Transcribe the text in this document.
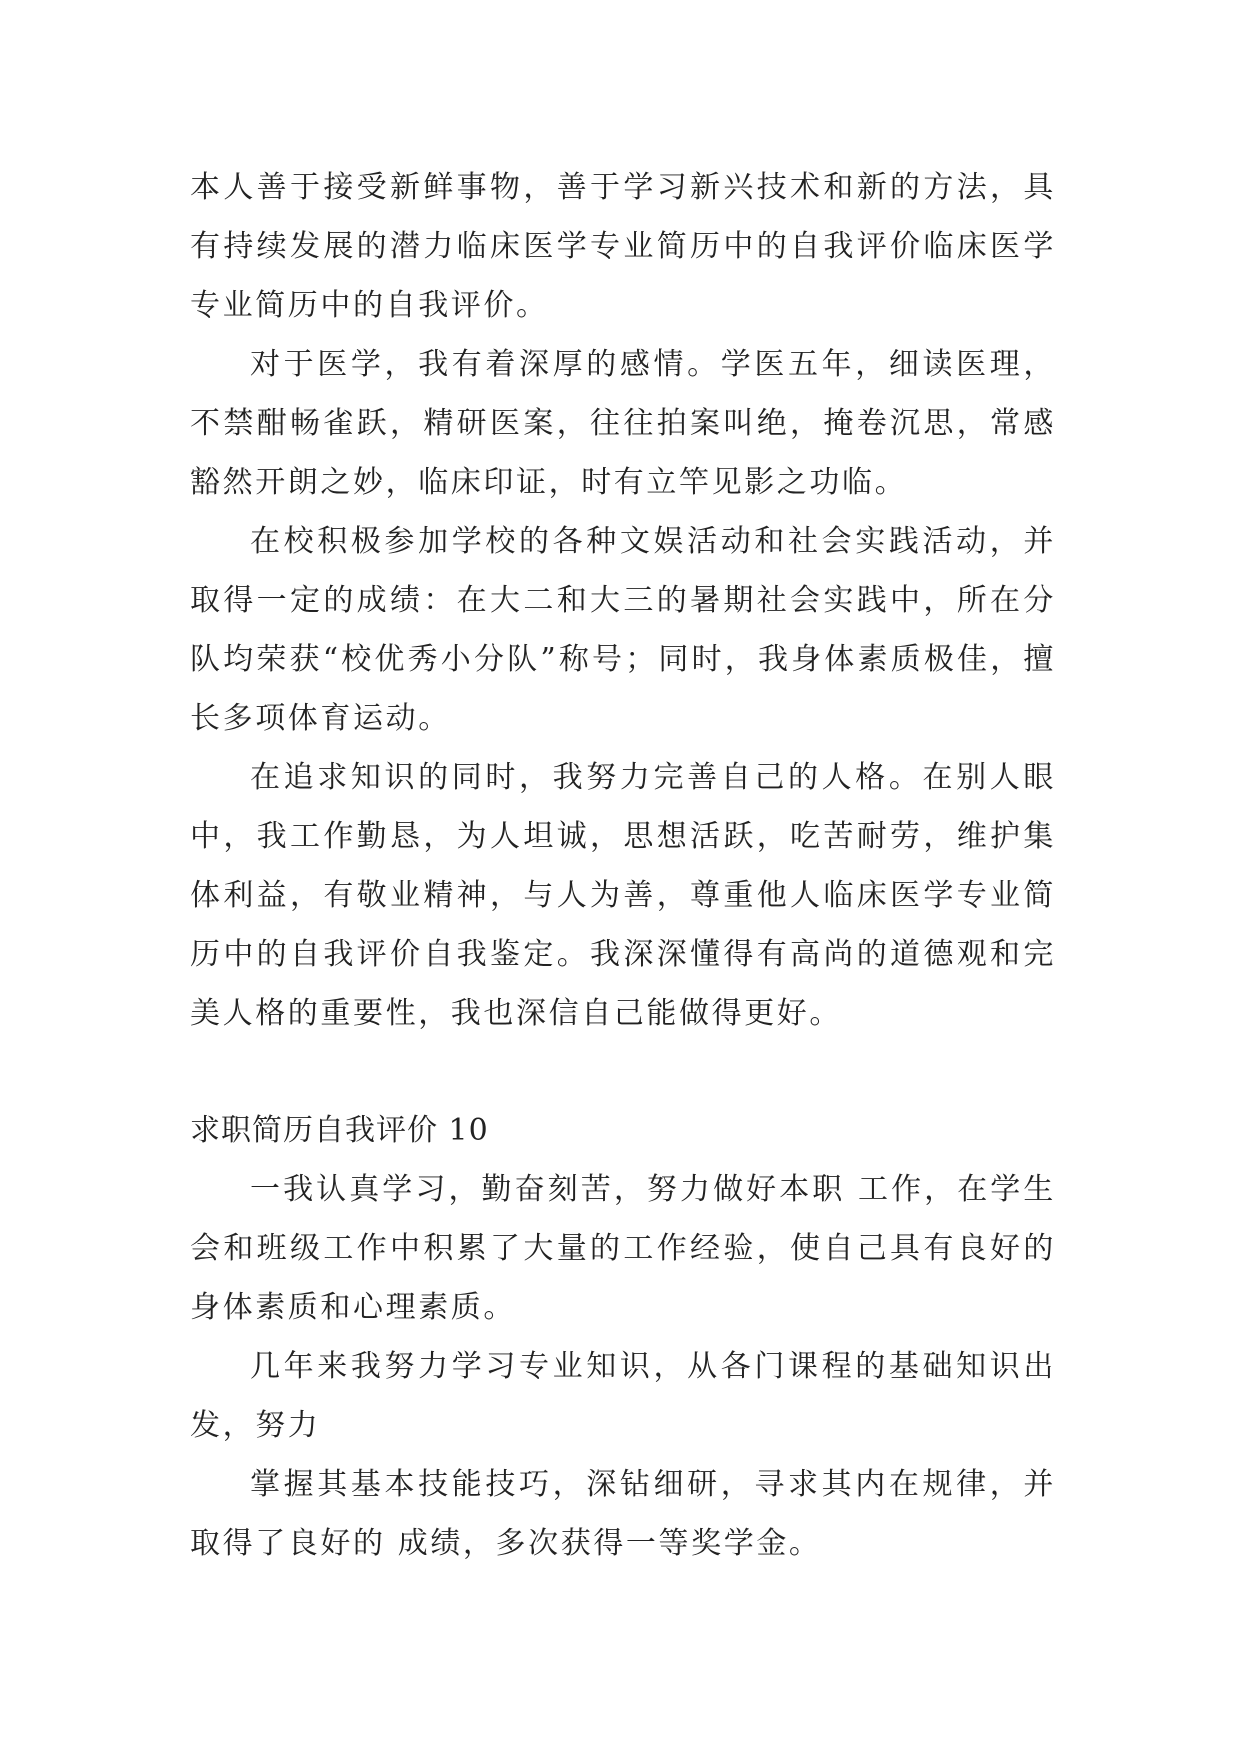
本人善于接受新鲜事物，善于学习新兴技术和新的方法，具有持续发展的潜力临床医学专业简历中的自我评价临床医学专业简历中的自我评价。

对于医学，我有着深厚的感情。学医五年，细读医理，不禁酣畅雀跃，精研医案，往往拍案叫绝，掩卷沉思，常感豁然开朗之妙，临床印证，时有立竿见影之功临。

在校积极参加学校的各种文娱活动和社会实践活动，并取得一定的成绩：在大二和大三的暑期社会实践中，所在分队均荣获“校优秀小分队”称号；同时，我身体素质极佳，擅长多项体育运动。

在追求知识的同时，我努力完善自己的人格。在别人眼中，我工作勤恳，为人坦诚，思想活跃，吃苦耐劳，维护集体利益，有敬业精神，与人为善，尊重他人临床医学专业简历中的自我评价自我鉴定。我深深懂得有高尚的道德观和完美人格的重要性，我也深信自己能做得更好。

求职简历自我评价 10

一我认真学习，勤奋刻苦，努力做好本职 工作，在学生会和班级工作中积累了大量的工作经验，使自己具有良好的身体素质和心理素质。

几年来我努力学习专业知识，从各门课程的基础知识出发，努力

掌握其基本技能技巧，深钻细研，寻求其内在规律，并取得了良好的 成绩，多次获得一等奖学金。
